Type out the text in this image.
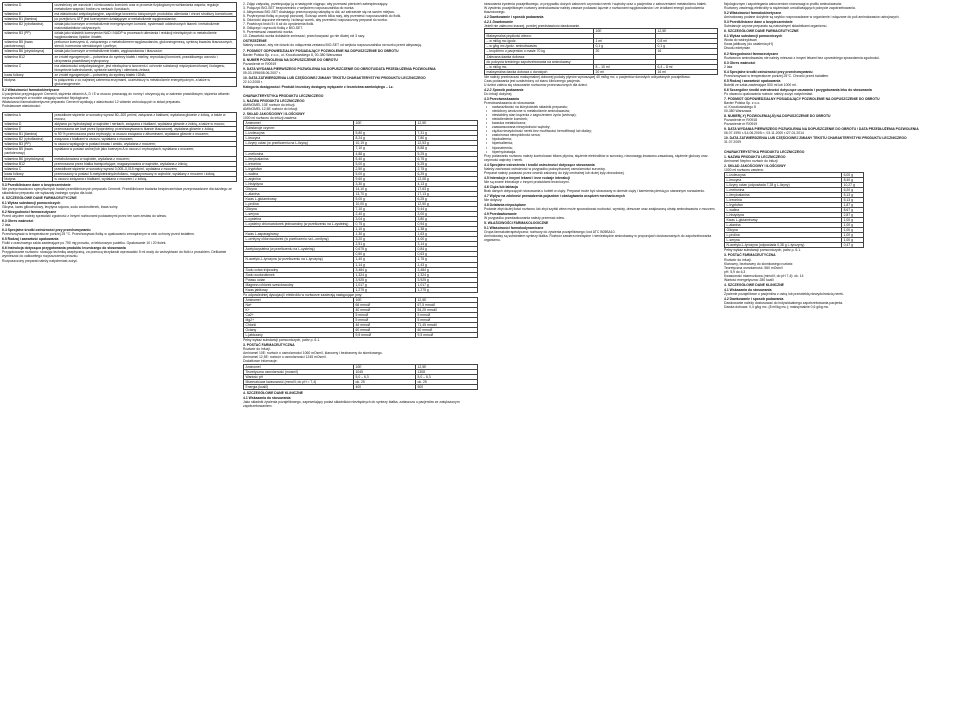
witamina D	uczestniczy we wzroście i różnicowaniu komórek oraz w procesie fizjologicznym wchłaniania wapnia; reguluje metabolizm wapnia i fosforu w nerkach i kościach;
witamina E	ma właściwości antyoksydacyjne, zapobiega tworzeniu toksycznych produktów utleniania i chroni struktury komórkowe;
witamina B1 (tiamina)	po przejściu w ATP jest koenzymem działającym w metabolizmie węglowodanów;
witamina B2 (ryboflawina)	działa jako koenzym w metabolizmie energetycznym komórki, systemach oddechowych tkanek i metabolizmie makroskładników odżywczych;
witamina B3 (PP)	działa jako składnik koenzymów NAD i NADP w procesach utleniania i redukcji niezbędnych w metabolizmie węglowodanów, lipidów i białek;
witamina B5 (kwas pantotenowy)	prekursor koenzymu A, związanego z metabolizmem węglowodanów, glukoneogenezą, syntezą kwasów tłuszczowych, steroli, hormonów steroidowych i porfiryn;
witamina B6 (pirydoksyna)	działa jako koenzym w metabolizmie białek, węglowodanów i tłuszczów;
witamina B12	ze źródeł egzogennych – potrzebna do syntezy białek i mieliny, reprodukcji komórek, prawidłowego wzrostu i utrzymania prawidłowej erytropoezy;
witamina C	ma właściwości antyoksydacyjne, jest niezbędna w tworzeniu i ochronie substancji międzykomórkowej i kolagenu, biosyntezie katecholamin, syntezie karnityny i utlenianiu żelaza;
kwas foliowy	ze źródeł egzogennych – potrzebny do syntezy białek i DNA;
biotyna	w połączeniu z co najmniej czterema enzymami, uczestniczy w metabolizmie energetycznym, a także w glukoneogenezie.

5.2 Właściwości farmakokinetyczne

U pacjentów przyjmujących Cernevit, stężenia witamin A, D i E w osoczu powracają do normy i utrzymują się w zakresie prawidłowym; stężenia witamin rozpuszczalnych w wodzie osiągają wartości fizjologiczne.

Właściwości farmakokinetyczne preparatu Cernevit wynikają z właściwości 12 witamin wchodzących w skład preparatu.

Podstawowe właściwości:

witamina A	prawidłowe stężenie w surowicy wynosi 80–300 μm/ml, związana z białkami, wydalana głównie z żółcią, a także w moczu;
witamina D	aktywna po hydroksylacji w wątrobie i nerkach, związana z białkami, wydalana głównie z żółcią, a także w moczu;
witamina E	przenoszona we krwi przez lipoproteiny, przechowywana w tkance tłuszczowej, wydalana głównie z żółcią;
witamina B1 (tiamina)	w 90 % przenoszona przez erytrocyty; w osoczu związana z albuminami, wydalana głównie z moczem;
witamina B2 (ryboflawina)	związana z białkami w osoczu, wydalana z moczem;
witamina B3 (PP)	w osoczu występuje w postaci kwasu i amidu, wydalana z moczem;
witamina B5 (kwas pantotenowy)	wydalana w postaci wolnej lub jako koenzym A w osoczu i erytrocytach, wydalana z moczem;
witamina B6 (pirydoksyna)	metabolizowana w wątrobie, wydalana z moczem;
witamina B12	przenoszona przez białka transportujące, magazynowana w wątrobie, wydalana z żółcią;
witamina C	prawidłowe stężenie w surowicy wynosi 0,005–0,015 mg/ml, wydalana z moczem;
kwas foliowy	przenoszony w postaci 5-metylotetrahydrofolianu, magazynowany w wątrobie, wydalany z moczem i żółcią;
biotyna	w osoczu związana z białkami, wydalana z moczem i z żółcią.

5.3 Przedkliniczne dane o bezpieczeństwie

Nie przeprowadzono specyficznych badań przedklinicznych preparatu Cernevit. Przedkliniczne badania bezpieczeństwa przeprowadzone dla każdego ze składników preparatu nie wykazały żadnego ryzyka dla ludzi.

6. SZCZEGÓŁOWE DANE FARMACEUTYCZNE

6.1 Wykaz substancji pomocniczych

Glicyna, kwas glikocholowy, lecytyna sojowa, sodu wodorotlenek, kwas solny.

6.2 Niezgodności farmaceutyczne

Przed użyciem należy sprawdzić zgodność z innymi roztworami podawanymi przez ten sam zestaw do wlewu.

6.3 Okres ważności

2 lata.

6.4 Specjalne środki ostrożności przy przechowywaniu

Przechowywać w temperaturze poniżej 25 °C. Przechowywać fiolkę w opakowaniu zewnętrznym w celu ochrony przed światłem.

6.5 Rodzaj i zawartość opakowania

Fiolki z oranżowego szkła zawierające po 750 mg proszku, w tekturowym pudełku. Opakowanie 10 i 20 fiolek.

6.6 Instrukcja dotycząca przygotowania produktu leczniczego do stosowania

Przygotowanie roztworu: stosując technikę aseptyczną, za pomocą strzykawki wprowadzić 5 ml wody do wstrzykiwań do fiolki z proszkiem. Delikatnie wymieszać do całkowitego rozpuszczenia proszku.

Rozpuszczony preparat należy natychmiast zużyć.

2. Zdjąć zatyczkę, przekręcając ją a następnie ciągnąc; aby przerwać pierścień zabezpieczający.
3. Połączyć BIO-SET bezpośrednio z wejściem rozpuszczalnika do worka.
4. Aktywować BIO-SET dociskając przezroczystą nakrętkę w dół, aż zatrzaśnie się na swoim miejscu.
5. Przytrzymać fiolkę w pozycji pionowej. Ścisnąć worek kilka razy, aby przenieść rozpuszczalnik do fiolki.
6. Odwrócić złączone elementy i ścisnąć worek, aby przenieść rozpuszczony preparat do worka.
7. Powtórzyć kroki 5 i 6 aż do opróżnienia fiolki.
8. Odłączyć i wyrzucić fiolkę z BIO-SET.
9. Przemieszać zawartość worka.
10. Zawartość worka dokładnie zmieszać; przechowywać go nie dłużej niż 3 razy.

OSTRZEŻENIE

Należy uważać, aby nie doszło do odłączenia zestawu BIO-SET od wejścia rozpuszczalnika na worku przed aktywacją.

7. PODMIOT ODPOWIEDZIALNY POSIADAJĄCY POZWOLENIE NA DOPUSZCZENIE DO OBROTU

Baxter Polska Sp. z o.o., ul. Kruczkowskiego 8, 00-380 Warszawa

8. NUMER POZWOLENIA NA DOPUSZCZENIE DO OBROTU

Pozwolenie nr R/0919

9. DATA WYDANIA PIERWSZEGO POZWOLENIA NA DOPUSZCZENIE DO OBROTU/DATA PRZEDŁUŻENIA POZWOLENIA

05.03.1996/08.06.2007 r.

10. DATA ZATWIERDZENIA LUB CZĘŚCIOWEJ ZMIANY TEKSTU CHARAKTERYSTYKI PRODUKTU LECZNICZEGO

22.10.2008 r.

Kategoria dostępności: Produkt leczniczy dostępny wyłącznie z lecznictwa zamkniętego – Lz.

CHARAKTERYSTYKA PRODUKTU LECZNICZEGO

1. NAZWA PRODUKTU LECZNICZEGO

AMINOMEL 10E roztwór do infuzji.

AMINOMEL 12,5E roztwór do infuzji.

2. SKŁAD JAKOŚCIOWY I ILOŚCIOWY

1000 ml roztworu do infuzji zawiera:

Aminomel	10E	12,5E
Substancje czynne:		
L-izoleucyna	5,80 g	7,31 g
L-leucyna	8,24 g	7,80 g
L-lizyny octan (w przeliczeniu na L-lizynę)	10,19 g	12,53 g
	7,10 g	8,88 g
L-metionina	4,88 g	5,25 g
L-fenyloalanina	5,40 g	6,75 g
L-treonina	5,00 g	6,25 g
L-tryptofan	2,50 g	2,75 g
L-walina	5,00 g	6,25 g
L-arginina	9,60 g	12,08 g
L-histydyna	3,30 g	4,13 g
Glicyna	14,10 g	17,63 g
L-alanina	13,70 g	17,13 g
Kwas L-glutaminowy	5,00 g	6,25 g
L-prolina	10,00 g	12,50 g
Glicyna	7,10 g	9,44 g
L-seryna	2,40 g	3,00 g
L-cysteina	3,04 g	3,80 g
L-cysteiny chlorowodorek jednowodny (w przeliczeniu na L-cysteinę)	0,75 g	0,94 g
	1,10 g	1,38 g
Kwas L-asparaginowy	1,30 g	1,63 g
L-ornityny chlorowodorek (w przeliczeniu na L-ornitynę)	3,20 g	4,00 g
	2,51 g	3,14 g
Acetylocysteina (w przeliczeniu na L-cysteinę)	0,675 g	0,84 g
	0,50 g	0,63 g
N-acetylo-L-tyrozyna (w przeliczeniu na L-tyrozynę)	1,40 g	1,75 g
	1,14 g	1,43 g
Sodu octan trójwodny	3,484 g	3,484 g
Sodu wodorotlenek	1,324 g	1,324 g
Potasu octan	3,925 g	3,925 g
Magnezu chlorek sześciowodny	1,017 g	1,017 g
Kwas jabłkowy	1,275 g	1,275 g

Po odpowiedniej dysocjacji i elektrolitu w roztworze zawierają następujące jony:

Aminomel	10E	12,5E
Na+	66 mmol/l	67,5 mmol/l
K+	40 mmol/l	54,25 mmol/l
Ca2+	5 mmol/l	5 mmol/l
Mg2+	5 mmol/l	5 mmol/l
Chlorki	46 mmol/l	71,45 mmol/l
Octany	60 mmol/l	60 mmol/l
L-jabłczany	9,5 mmol/l	9,5 mmol/l

Pełny wykaz substancji pomocniczych, patrz p. 6.1.

3. POSTAĆ FARMACEUTYCZNA

Roztwór do infuzji.

Aminomel 10E: roztwór o osmolarności 1060 mOsm/l, klarowny i bezbarwny do słomkowego.

Aminomel 12,5E: roztwór o osmolarności 1245 mOsm/l.

Dodatkowe informacje:

Aminomel	10E	12,5E
Teoretyczna osmolarność (mosm/l)	1045	1308
Wartość pH	5,0 – 6,3	5,0 – 6,3
Miareczkowa kwasowość (mmol/l; do pH = 7,4)	ok. 25	ok. 25
Energia (kcal/l)	400	500

4. SZCZEGÓŁOWE DANE KLINICZNE

4.1 Wskazania do stosowania

Jako składnik żywienia pozajelitowego, zapewniający podaż składników niezbędnych do syntezy białka, zwłaszcza u pacjentów ze zwiększonym zapotrzebowaniem.

stosowania żywienia pozajelitowego, w przypadku dużych zaburzeń czynności nerek i wątroby oraz u pacjentów z zaburzeniami metabolizmu białek.

W żywieniu pozajelitowym roztwory aminokwasów należy zawsze podawać łącznie z roztworami węglowodanów i ze źródłami energii pochodzenia tłuszczowego.

4.2 Dawkowanie i sposób podawania

4.2.1 Dawkowanie

Jeżeli nie zalecono inaczej, poniżej przedstawiono dawkowanie.

	10E	12,5E
Maksymalna prędkość wlewu:		
– w ml/kg mc./godz.	1 ml	0,8 ml
– w g/kg mc./godz. aminokwasów	0,1 g	0,1 g
– kropli/min u pacjentów o masie 70 kg	20	16
Zalecana dawka dobowa:		
do pokrycia średniego zapotrzebowania na aminokwasy		
– w ml/kg mc.	8 – 10 ml	6,4 – 8 ml
maksymalna dawka dobowa u dorosłych	20 ml	16 ml

Nie należy przekraczać maksymalnej dobowej podaży płynów wynoszącej 40 ml/kg mc. u pacjentów dorosłych odżywianych pozajelitowo.

Czas podawania jest uzależniony od stanu klinicznego pacjenta.

U dzieci zaleca się stosowanie roztworów przeznaczonych dla dzieci.

4.2.2 Sposób podawania

Do infuzji dożylnej.

4.3 Przeciwwskazania

Przeciwwskazania do stosowania:

• nadwrażliwość na którykolwiek składnik preparatu;
• niedobory wrodzone w metabolizmie aminokwasów;
• niestabilny stan krążenia z zagrożeniem życia (wstrząs);
• niedotlenienie komórek;
• kwasica metaboliczna;
• zaawansowana niewydolność wątroby;
• ciężka niewydolność nerek bez możliwości hemofiltracji lub dializy;
• zastoinowa niewydolność serca;
• hipokaliemia;
• hiperkaliemia;
• hiponatremia;
• hiperhydratacja.

Przy podawaniu roztworu należy kontrolować bilans płynów, stężenie elektrolitów w surowicy, równowagę kwasowo-zasadową, stężenie glukozy oraz czynność wątroby i nerek.

4.4 Specjalne ostrzeżenia i środki ostrożności dotyczące stosowania

Należy zachować ostrożność w przypadku podwyższonej osmolarności surowicy.

Preparat należy podawać przez cewnik założony do żyły centralnej lub dużej żyły obwodowej.

4.5 Interakcje z innymi lekami i inne rodzaje interakcji

Nie są znane interakcje z innymi produktami leczniczymi.

4.6 Ciąża lub laktacja

Brak danych dotyczących stosowania u kobiet w ciąży. Preparat może być stosowany w okresie ciąży i karmienia piersią po starannym rozważeniu.

4.7 Wpływ na zdolność prowadzenia pojazdów i obsługiwania urządzeń mechanicznych

Nie dotyczy.

4.8 Działania niepożądane

Podanie zbyt dużej ilości roztworu lub zbyt szybki wlew może spowodować nudności, wymioty, dreszcze oraz zwiększoną utratę aminokwasów z moczem.

4.9 Przedawkowanie

W przypadku przedawkowania należy przerwać wlew.

5. WŁAŚCIWOŚCI FARMAKOLOGICZNE

5.1 Właściwości farmakodynamiczne

Grupa farmakoterapeutyczna: roztwory do żywienia pozajelitowego; kod ATC B05BA10.

Aminokwasy są substratem syntezy białka. Roztwór zawiera niezbędne i nieniezbędne aminokwasy w proporcjach dostosowanych do zapotrzebowania organizmu.

fizjologicznym i zapobiegania zaburzeniom równowagi w profilu aminokwasów.

Roztwory zawierają elektrolity w stężeniach umożliwiających pokrycie zapotrzebowania.

5.2 Właściwości farmakokinetyczne

Aminokwasy podane dożylnie są szybko rozprowadzane w organizmie i włączane do puli aminokwasów ustrojowych.

5.3 Przedkliniczne dane o bezpieczeństwie

Substancje czynne preparatu są naturalnymi składnikami organizmu.

6. SZCZEGÓŁOWE DANE FARMACEUTYCZNE

6.1 Wykaz substancji pomocniczych

Woda do wstrzykiwań

Kwas jabłkowy (do ustalenia pH)

Disodu edetynian

6.2 Niezgodności farmaceutyczne

Roztworów aminokwasów nie należy mieszać z innymi lekami bez uprzedniego sprawdzenia zgodności.

6.3 Okres ważności

2 lata

6.4 Specjalne środki ostrożności przy przechowywaniu

Przechowywać w temperaturze poniżej 25°C. Chronić przed światłem.

6.5 Rodzaj i zawartość opakowania

Butelki ze szkła zawierające 500 ml lub 1000 ml.

6.6 Szczególne środki ostrożności dotyczące usuwania i przygotowania leku do stosowania

Po otwarciu opakowania roztwór należy zużyć natychmiast.

7. PODMIOT ODPOWIEDZIALNY POSIADAJĄCY POZWOLENIE NA DOPUSZCZENIE DO OBROTU

Baxter Polska Sp. z o.o.

ul. Kruczkowskiego 8

00-380 Warszawa

8. NUMER(-Y) POZWOLENIA(-Ń) NA DOPUSZCZENIE DO OBROTU

Pozwolenie nr R/0918

Pozwolenie nr R/0919

9. DATA WYDANIA PIERWSZEGO POZWOLENIA NA DOPUSZCZENIE DO OBROTU / DATA PRZEDŁUŻENIA POZWOLENIA

06.07.1990 r./14.06.2005 r.; 03.11.2000 r./27.01.2014

10. DATA ZATWIERDZENIA LUB CZĘŚCIOWEJ ZMIANY TEKSTU CHARAKTERYSTYKI PRODUKTU LECZNICZEGO

31.07.2009

CHARAKTERYSTYKA PRODUKTU LECZNICZEGO

1. NAZWA PRODUKTU LECZNICZEGO

Aminomel Nephro roztwór do infuzji

2. SKŁAD JAKOŚCIOWY I ILOŚCIOWY

1000 ml roztworu zawiera:

L-izoleucyna	6,00 g
L-leucyna	8,40 g
L-lizyny octan (odpowiada 7,28 g L-lizyny)	10,27 g
L-metionina	6,20 g
L-fenyloalanina	5,13 g
L-treonina	5,13 g
L-tryptofan	1,87 g
L-walina	8,67 g
L-histydyna	2,87 g
Kwas L-glutaminowy	1,00 g
L-alanina	1,00 g
Glicyna	1,00 g
L-prolina	1,00 g
L-seryna	1,00 g
N-acetylo-L-tyrozyna (odpowiada 0,38 g L-tyrozyny)	0,47 g

Pełny wykaz substancji pomocniczych, patrz p. 6.1.

3. POSTAĆ FARMACEUTYCZNA

Roztwór do infuzji.

Klarowny, bezbarwny do słomkowego roztwór.

Teoretyczna osmolarność: 560 mOsm/l

pH: 5,9 do 6,3

Kwasowość miareczkowa (mmol/l; do pH 7,4): ok. 14

Wartość energetyczna: 280 kcal/l

4. SZCZEGÓŁOWE DANE KLINICZNE

4.1 Wskazania do stosowania

Żywienie pozajelitowe u pacjentów z ostrą lub przewlekłą niewydolnością nerek.

4.2 Dawkowanie i sposób podawania

Dawkowanie należy dostosować do indywidualnego zapotrzebowania pacjenta.

Dawka dobowa: 0,4 g/kg mc. (8 ml/kg mc.); maksymalnie 0,6 g/kg mc.
